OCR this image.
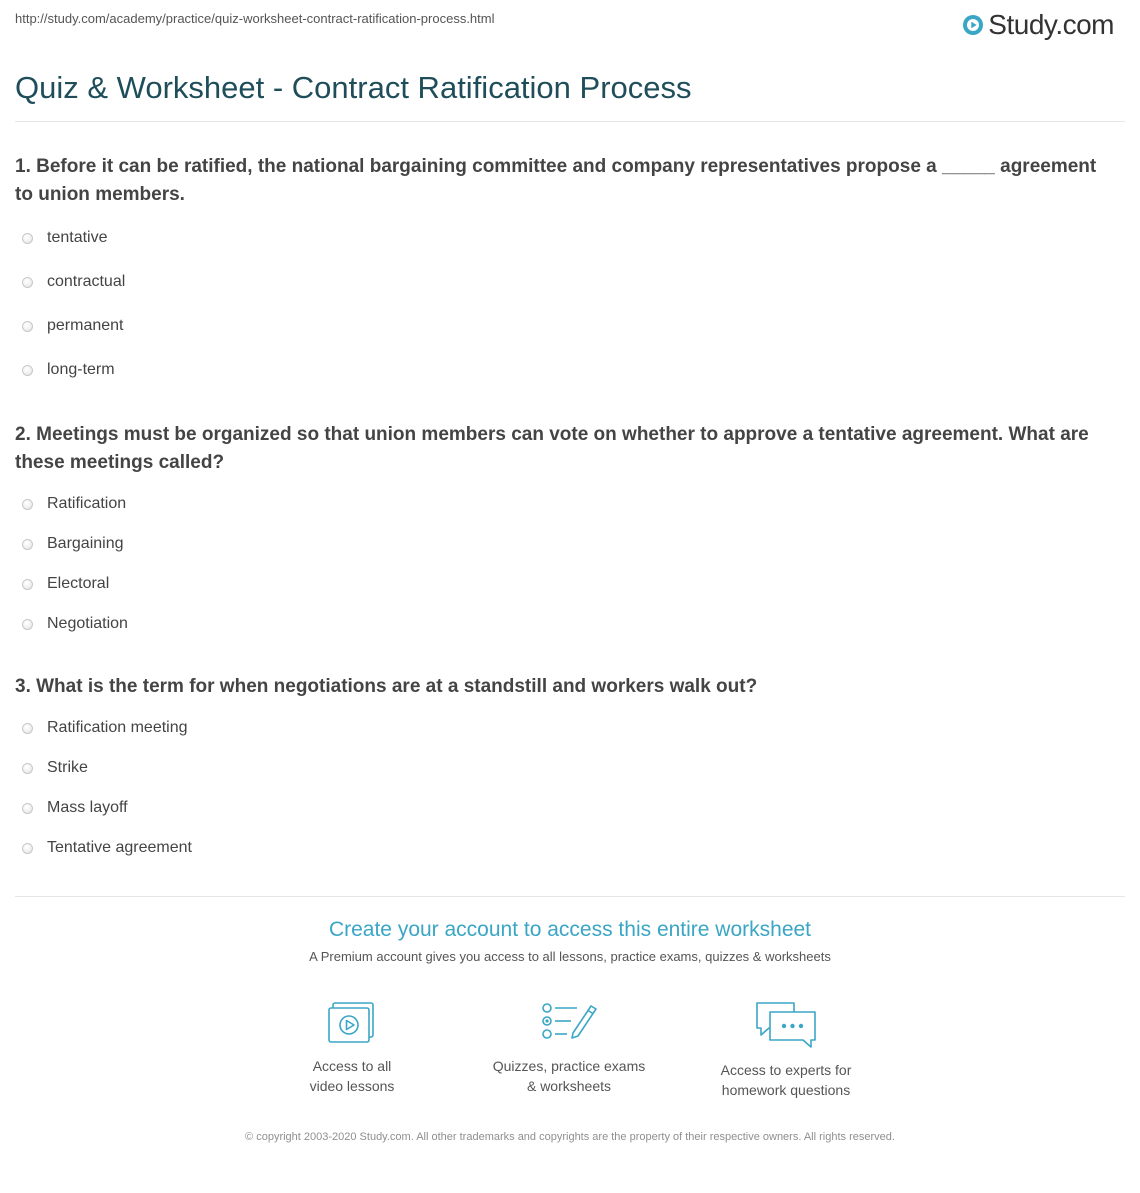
http://study.com/academy/practice/quiz-worksheet-contract-ratification-process.html	Study.com
Quiz & Worksheet - Contract Ratification Process

1. Before it can be ratified, the national bargaining committee and company representatives propose a _____ agreement to union members.

tentative
contractual
permanent
long-term

2. Meetings must be organized so that union members can vote on whether to approve a tentative agreement. What are these meetings called?

Ratification
Bargaining
Electoral
Negotiation

3. What is the term for when negotiations are at a standstill and workers walk out?

Ratification meeting
Strike
Mass layoff
Tentative agreement
Create your account to access this entire worksheet
A Premium account gives you access to all lessons, practice exams, quizzes & worksheets
Access to all
video lessons
Quizzes, practice exams
& worksheets
Access to experts for
homework questions
© copyright 2003-2020 Study.com. All other trademarks and copyrights are the property of their respective owners. All rights reserved.
